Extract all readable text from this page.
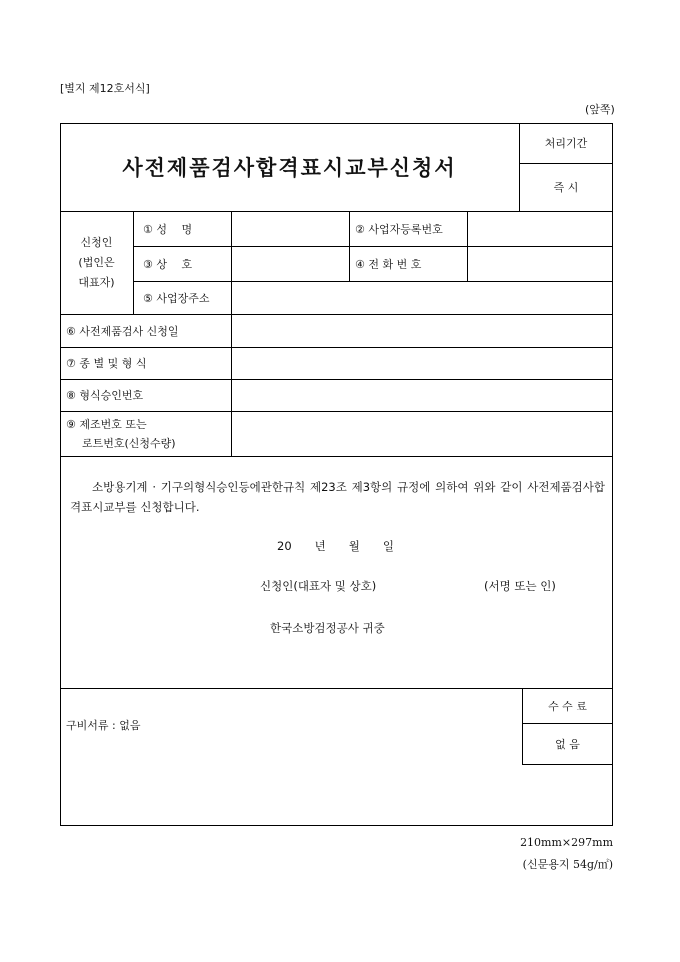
[별지 제12호서식]
(앞쪽)
사전제품검사합격표시교부신청서
처리기간
즉 시
신청인
(법인은
대표자)
① 성　 명	② 사업자등록번호
③ 상　 호	④ 전 화 번 호
⑤ 사업장주소
⑥ 사전제품검사 신청일
⑦ 종 별 및 형 식
⑧ 형식승인번호
⑨ 제조번호 또는
로트번호(신청수량)
소방용기계 · 기구의형식승인등에관한규칙 제23조 제3항의 규정에 의하여 위와 같이 사전제품검사합격표시교부를 신청합니다.
20　　년　　월　　일
신청인(대표자 및 상호)	(서명 또는 인)
한국소방검정공사 귀중
구비서류 : 없음
수 수 료
없 음
210mm×297mm
(신문용지 54g/㎡)
